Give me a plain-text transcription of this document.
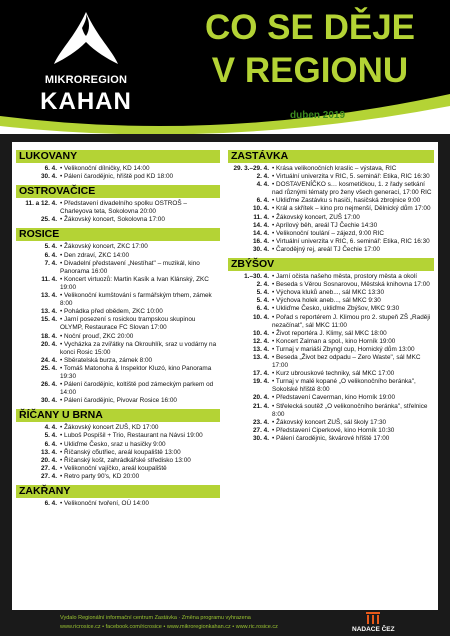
MIKROREGION
KAHAN
CO SE DĚJE
V REGIONU
duben 2019
LUKOVANY
6. 4. • Velikonoční dílničky, KD 14:00
30. 4. • Pálení čarodějnic, hřiště pod KD 18:00
OSTROVAČICE
11. a 12. 4. • Představení divadelního spolku OSTROŠ – Charleyova teta, Sokolovna 20:00
25. 4. • Žákovský koncert, Sokolovna 17:00
ROSICE
5. 4. • Žákovský koncert, ZKC 17:00
6. 4. • Den zdraví, ZKC 14:00
7. 4. • Divadelní představení „Nestíhat" – muzikál, kino Panorama 16:00
11. 4. • Koncert virtuozů: Martin Kasík a Ivan Klánský, ZKC 19:00
13. 4. • Velikonoční kumštování s farmářským trhem, zámek 8:00
13. 4. • Pohádka před obědem, ZKC 10:00
15. 4. • Jarní posezení s rosickou trampskou skupinou OLYMP, Restaurace FC Slovan 17:00
18. 4. • Noční prouď, ZKC 20:00
20. 4. • Vycházka za zvířátky na Okrouhlík, sraz u vodárny na konci Rosic 15:00
24. 4. • Sběratelská burza, zámek 8:00
25. 4. • Tomáš Matonoha & Inspektor Kluzó, kino Panorama 19:30
26. 4. • Pálení čarodějnic, koltiště pod zámeckým parkem od 14:00
30. 4. • Pálení čarodějnic, Pivovar Rosice 16:00
ŘÍČANY U BRNA
4. 4. • Žákovský koncert ZUŠ, KD 17:00
5. 4. • Luboš Pospíšil + Trio, Restaurant na Návsi 19:00
6. 4. • Ukliďme Česko, sraz u hasičky 9:00
13. 4. • Říčanský cбutřiec, areál koupaliště 13:00
20. 4. • Říčanský košt, zahrádkářské středisko 13:00
27. 4. • Velikonoční vajíčko, areál koupaliště
27. 4. • Retro party 90's, KD 20:00
ZAKŘANY
6. 4. • Velikonoční tvoření, OÚ 14:00
ZASTÁVKA
29. 3.–29. 4. • Krása velikonočních kraslic – výstava, RIC
2. 4. • Virtuální univerzita v RIC, 5. seminář: Etika, RIC 16:30
4. 4. • DOSTAVENÍČKO s… kosmetičkou, 1. z řady setkání nad různými tématy pro ženy všech generací, 17:00 RIC
6. 4. • Ukliďme Zastávku s hasiči, hasičská zbrojnice 9:00
10. 4. • Král a skřítek – kino pro nejmenší, Dělnický dům 17:00
11. 4. • Žákovský koncert, ZUŠ 17:00
14. 4. • Aprílový běh, areál TJ Čechie 14:30
14. 4. • Velikonoční toulání – zájezd, 9:00 RIC
16. 4. • Virtuální univerzita v RIC, 6. seminář: Etika, RIC 16:30
30. 4. • Čarodějný rej, areál TJ Čechie 17:00
ZBÝŠOV
1.–30. 4. • Jarní očista našeho města, prostory města a okolí
2. 4. • Beseda s Věrou Sosnarovou, Městská knihovna 17:00
5. 4. • Výchova kluků aneb..., sál MKC 13:30
5. 4. • Výchova holek aneb..., sál MKC 9:30
6. 4. • Ukliďme Česko, ukliďme Zbýšov, MKC 9:30
10. 4. • Pořad s reportérem J. Klimou pro 2. stupeň ZŠ „Raději nezačínat", sál MKC 11:00
10. 4. • Život reportéra J. Klimy, sál MKC 18:00
12. 4. • Koncert Zalman a spol., kino Horník 19:00
13. 4. • Turnaj v mariáši Zbyngl cup, Hornický dům 13:00
13. 4. • Beseda „Život bez odpadu – Zero Waste", sál MKC 17:00
17. 4. • Kurz ubrouskové techniky, sál MKC 17:00
19. 4. • Turnaj v malé kopané „O velikonočního beránka", Sokolské hřiště 8:00
20. 4. • Představení Caverman, kino Horník 19:00
21. 4. • Střelecká soutěž „O velikonočního beránka", střelnice 8:00
23. 4. • Žákovský koncert ZUŠ, sál školy 17:30
27. 4. • Představení Ciperkové, kino Horník 10:30
30. 4. • Pálení čarodějnic, škvárové hřiště 17:00
Vydalo Regionální informační centrum Zastávka · Změna programu vyhrazena
www.ricrosice.cz • facebook.com/ricrosice • www.mikroregionkahan.cz • www.ric.rosice.cz	NADACE ČEZ
